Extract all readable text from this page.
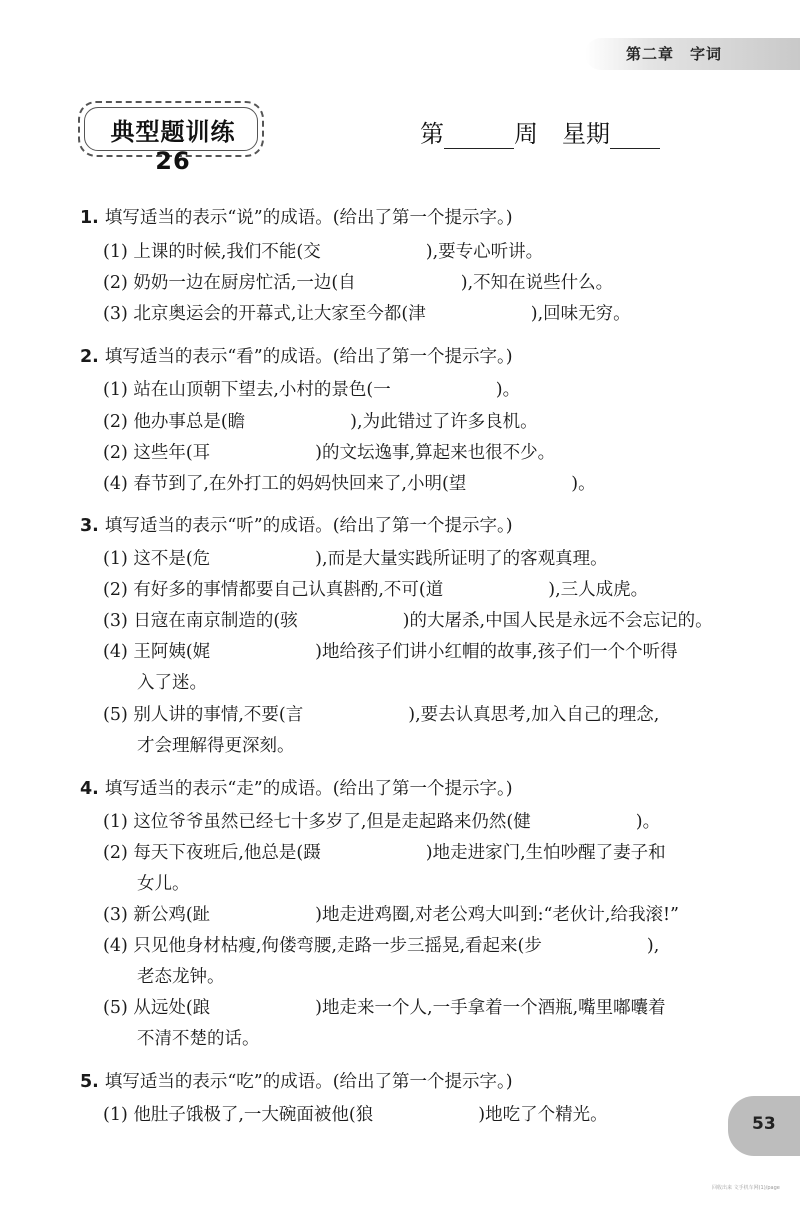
第二章　字词
典型题训练 26
第	周　星期
1. 填写适当的表示“说”的成语。(给出了第一个提示字。)
(1) 上课的时候,我们不能(交　　　　　　),要专心听讲。
(2) 奶奶一边在厨房忙活,一边(自　　　　　　),不知在说些什么。
(3) 北京奥运会的开幕式,让大家至今都(津　　　　　　),回味无穷。
2. 填写适当的表示“看”的成语。(给出了第一个提示字。)
(1) 站在山顶朝下望去,小村的景色(一　　　　　　)。
(2) 他办事总是(瞻　　　　　　),为此错过了许多良机。
(2) 这些年(耳　　　　　　)的文坛逸事,算起来也很不少。
(4) 春节到了,在外打工的妈妈快回来了,小明(望　　　　　　)。
3. 填写适当的表示“听”的成语。(给出了第一个提示字。)
(1) 这不是(危　　　　　　),而是大量实践所证明了的客观真理。
(2) 有好多的事情都要自己认真斟酌,不可(道　　　　　　),三人成虎。
(3) 日寇在南京制造的(骇　　　　　　)的大屠杀,中国人民是永远不会忘记的。
(4) 王阿姨(娓　　　　　　)地给孩子们讲小红帽的故事,孩子们一个个听得
入了迷。
(5) 别人讲的事情,不要(言　　　　　　),要去认真思考,加入自己的理念,
才会理解得更深刻。
4. 填写适当的表示“走”的成语。(给出了第一个提示字。)
(1) 这位爷爷虽然已经七十多岁了,但是走起路来仍然(健　　　　　　)。
(2) 每天下夜班后,他总是(蹑　　　　　　)地走进家门,生怕吵醒了妻子和
女儿。
(3) 新公鸡(趾　　　　　　)地走进鸡圈,对老公鸡大叫到:“老伙计,给我滚!”
(4) 只见他身材枯瘦,佝偻弯腰,走路一步三摇晃,看起来(步　　　　　　),
老态龙钟。
(5) 从远处(踉　　　　　　)地走来一个人,一手拿着一个酒瓶,嘴里嘟囔着
不清不楚的话。
5. 填写适当的表示“吃”的成语。(给出了第一个提示字。)
(1) 他肚子饿极了,一大碗面被他(狼　　　　　　)地吃了个精光。	53
回收出来 文手机车网(1)/page
